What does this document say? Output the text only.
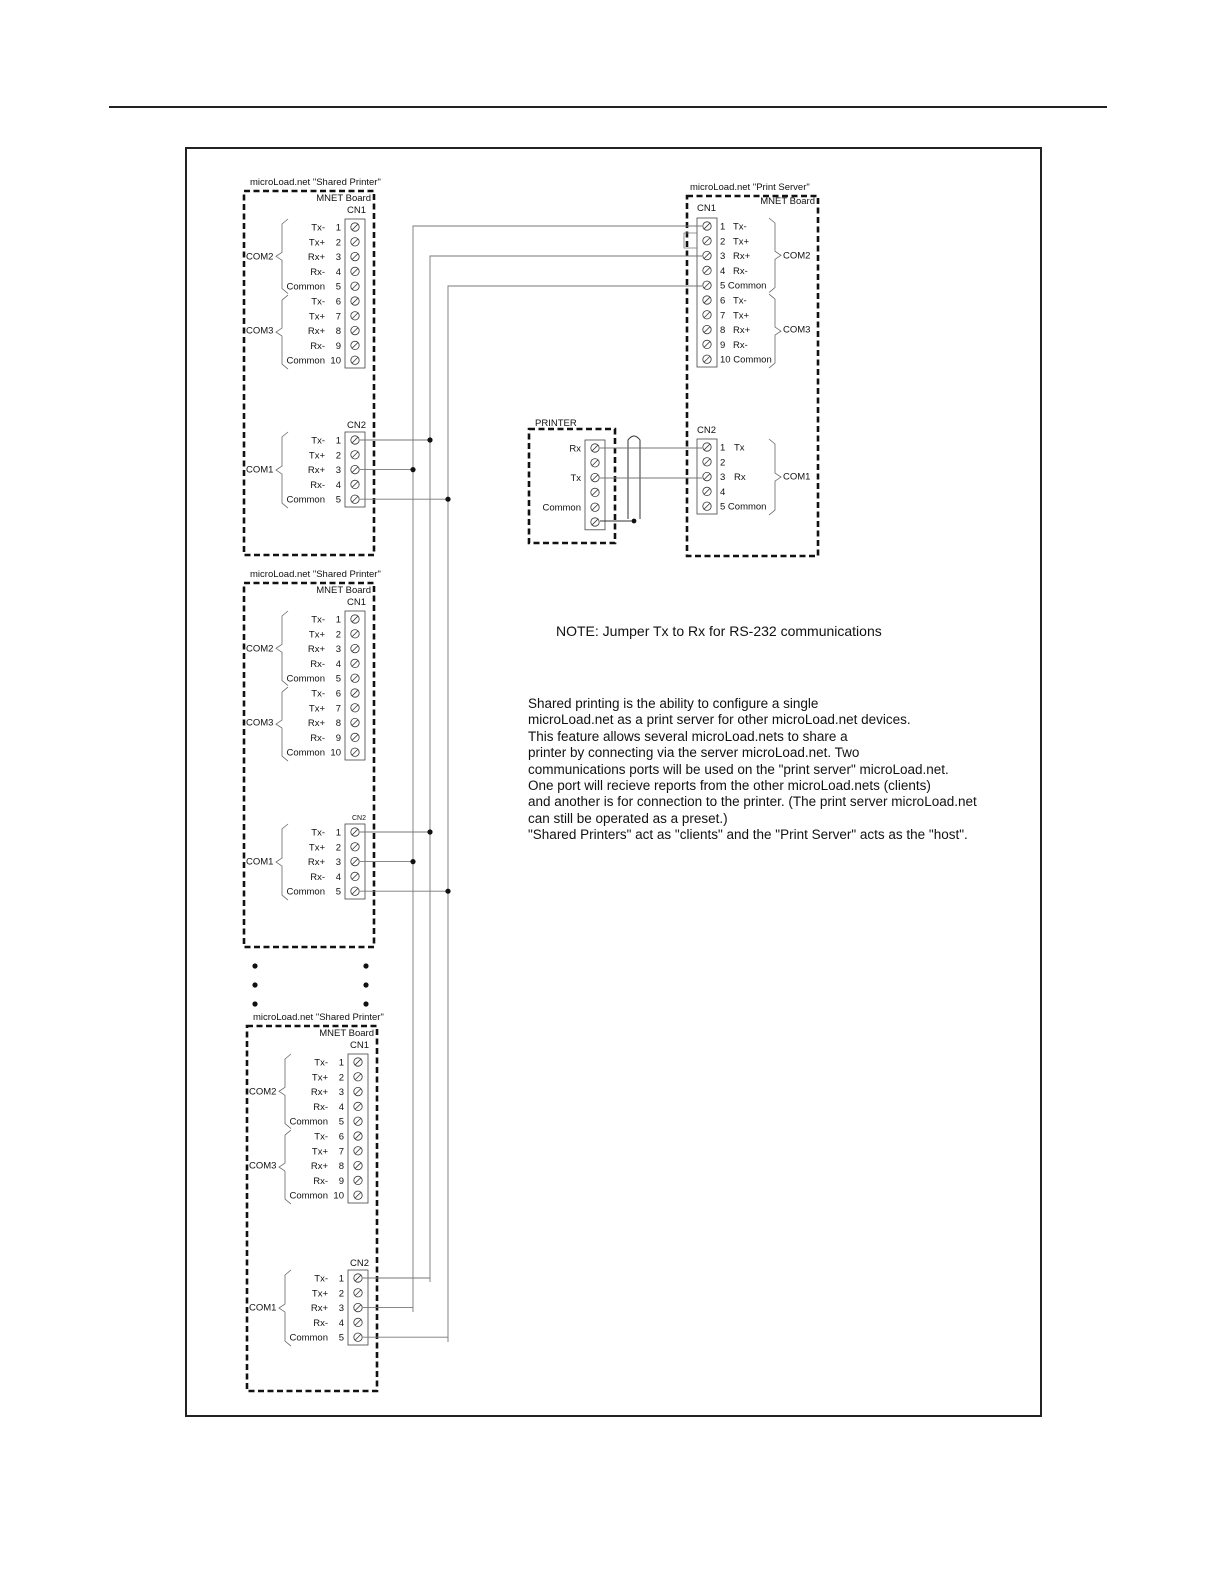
microLoad.net "Shared Printer"
MNET Board
CN1
1
Tx-
2
Tx+
3
Rx+
4
Rx-
5
Common
6
Tx-
7
Tx+
8
Rx+
9
Rx-
10
Common
COM2
COM3
CN2
1
Tx-
2
Tx+
3
Rx+
4
Rx-
5
Common
COM1
microLoad.net "Shared Printer"
MNET Board
CN1
1
Tx-
2
Tx+
3
Rx+
4
Rx-
5
Common
6
Tx-
7
Tx+
8
Rx+
9
Rx-
10
Common
COM2
COM3
CN2
1
Tx-
2
Tx+
3
Rx+
4
Rx-
5
Common
COM1
microLoad.net "Shared Printer"
MNET Board
CN1
1
Tx-
2
Tx+
3
Rx+
4
Rx-
5
Common
6
Tx-
7
Tx+
8
Rx+
9
Rx-
10
Common
COM2
COM3
CN2
1
Tx-
2
Tx+
3
Rx+
4
Rx-
5
Common
COM1
microLoad.net "Print Server"
MNET Board
CN1
1 Tx-
2 Tx+
3 Rx+
4 Rx-
5 Common
6 Tx-
7 Tx+
8 Rx+
9 Rx-
10 Common
COM2
COM3
CN2
1 Tx
2
3 Rx
4
5 Common
COM1
PRINTER
Rx
Tx
Common
NOTE: Jumper Tx to Rx for RS-232 communications
Shared printing is the ability to configure a single
microLoad.net as a print server for other microLoad.net devices.
This feature allows several microLoad.nets to share a
printer by connecting via the server microLoad.net. Two
communications ports will be used on the "print server" microLoad.net.
One port will recieve reports from the other microLoad.nets (clients)
and another is for connection to the printer. (The print server microLoad.net
can still be operated as a preset.)
"Shared Printers" act as "clients" and the "Print Server" acts as the "host".
